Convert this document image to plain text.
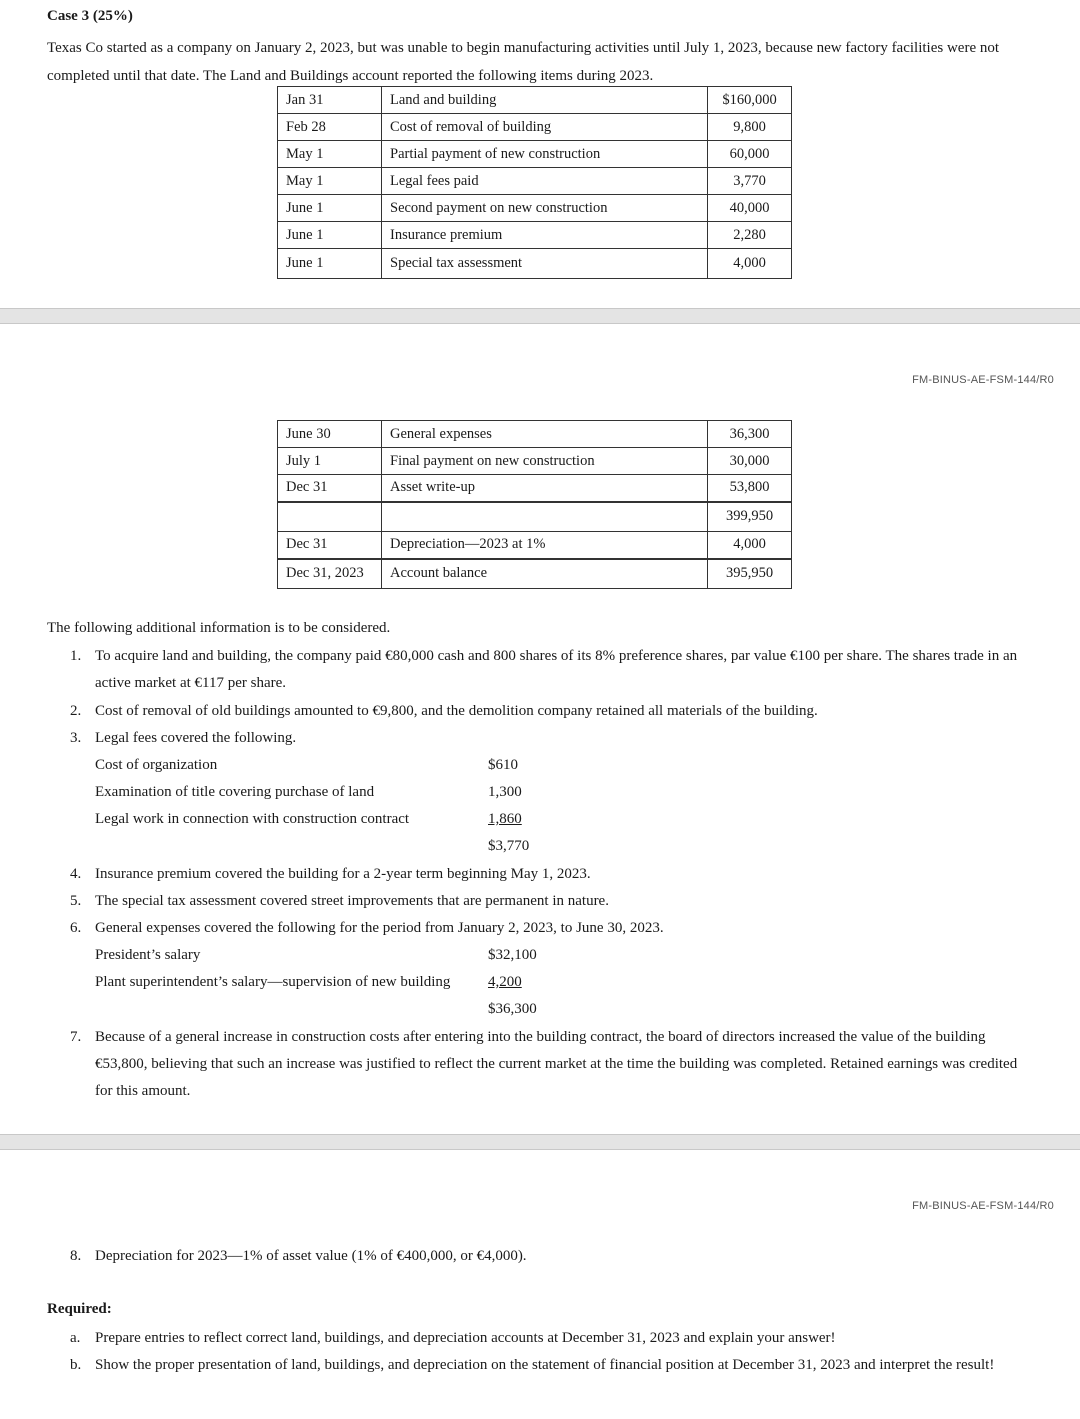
Case 3 (25%)
Texas Co started as a company on January 2, 2023, but was unable to begin manufacturing activities until July 1, 2023, because new factory facilities were not completed until that date. The Land and Buildings account reported the following items during 2023.
Jan 31	Land and building	$160,000
Feb 28	Cost of removal of building	9,800
May 1	Partial payment of new construction	60,000
May 1	Legal fees paid	3,770
June 1	Second payment on new construction	40,000
June 1	Insurance premium	2,280
June 1	Special tax assessment	4,000
FM-BINUS-AE-FSM-144/R0
June 30	General expenses	36,300
July 1	Final payment on new construction	30,000
Dec 31	Asset write-up	53,800
		399,950
Dec 31	Depreciation—2023 at 1%	4,000
Dec 31, 2023	Account balance	395,950
The following additional information is to be considered.
1. To acquire land and building, the company paid €80,000 cash and 800 shares of its 8% preference shares, par value €100 per share. The shares trade in an active market at €117 per share.
2. Cost of removal of old buildings amounted to €9,800, and the demolition company retained all materials of the building.
3. Legal fees covered the following.
Cost of organization	$610
Examination of title covering purchase of land	1,300
Legal work in connection with construction contract	1,860
$3,770
4. Insurance premium covered the building for a 2-year term beginning May 1, 2023.
5. The special tax assessment covered street improvements that are permanent in nature.
6. General expenses covered the following for the period from January 2, 2023, to June 30, 2023.
President’s salary	$32,100
Plant superintendent’s salary—supervision of new building	4,200
$36,300
7. Because of a general increase in construction costs after entering into the building contract, the board of directors increased the value of the building €53,800, believing that such an increase was justified to reflect the current market at the time the building was completed. Retained earnings was credited for this amount.
FM-BINUS-AE-FSM-144/R0
8. Depreciation for 2023—1% of asset value (1% of €400,000, or €4,000).
Required:
a. Prepare entries to reflect correct land, buildings, and depreciation accounts at December 31, 2023 and explain your answer!
b. Show the proper presentation of land, buildings, and depreciation on the statement of financial position at December 31, 2023 and interpret the result!
